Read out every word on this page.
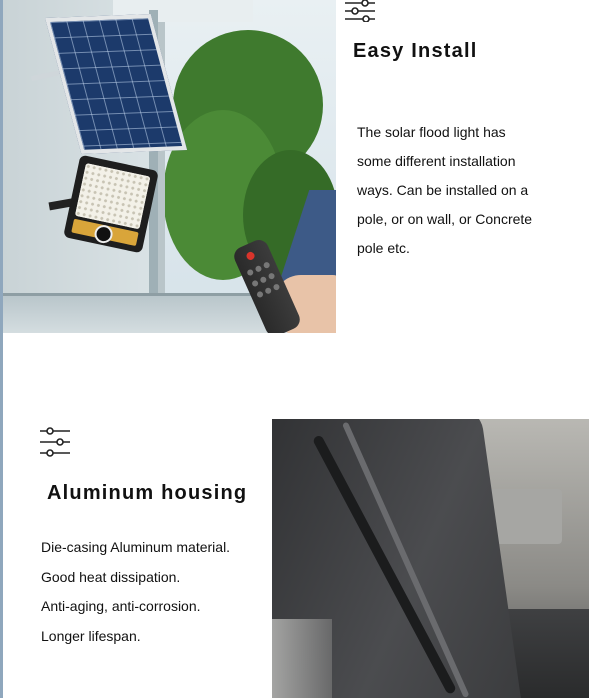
Easy Install
The solar flood light has
some different installation
ways. Can be installed on a
pole, or on wall, or Concrete
pole etc.
Aluminum housing
Die-casing Aluminum material.
Good heat dissipation.
Anti-aging, anti-corrosion.
Longer lifespan.
